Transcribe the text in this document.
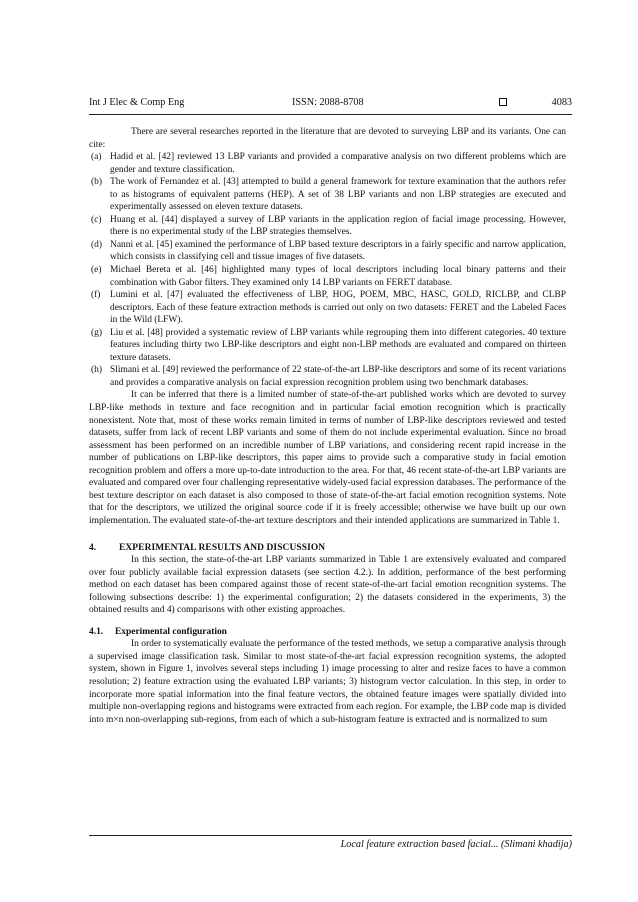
Int J Elec & Comp Eng	ISSN: 2088-8708	4083

There are several researches reported in the literature that are devoted to surveying LBP and its variants. One can cite:

(a) Hadid et al. [42] reviewed 13 LBP variants and provided a comparative analysis on two different problems which are gender and texture classification.
(b) The work of Fernandez et al. [43] attempted to build a general framework for texture examination that the authors refer to as histograms of equivalent patterns (HEP). A set of 38 LBP variants and non LBP strategies are executed and experimentally assessed on eleven texture datasets.
(c) Huang et al. [44] displayed a survey of LBP variants in the application region of facial image processing. However, there is no experimental study of the LBP strategies themselves.
(d) Nanni et al. [45] examined the performance of LBP based texture descriptors in a fairly specific and narrow application, which consists in classifying cell and tissue images of five datasets.
(e) Michael Bereta et al. [46] highlighted many types of local descriptors including local binary patterns and their combination with Gabor filters. They examined only 14 LBP variants on FERET database.
(f) Lumini et al. [47] evaluated the effectiveness of LBP, HOG, POEM, MBC, HASC, GOLD, RICLBP, and CLBP descriptors. Each of these feature extraction methods is carried out only on two datasets: FERET and the Labeled Faces in the Wild (LFW).
(g) Liu et al. [48] provided a systematic review of LBP variants while regrouping them into different categories. 40 texture features including thirty two LBP-like descriptors and eight non-LBP methods are evaluated and compared on thirteen texture datasets.
(h) Slimani et al. [49] reviewed the performance of 22 state-of-the-art LBP-like descriptors and some of its recent variations and provides a comparative analysis on facial expression recognition problem using two benchmark databases.

It can be inferred that there is a limited number of state-of-the-art published works which are devoted to survey LBP-like methods in texture and face recognition and in particular facial emotion recognition which is practically nonexistent. Note that, most of these works remain limited in terms of number of LBP-like descriptors reviewed and tested datasets, suffer from lack of recent LBP variants and some of them do not include experimental evaluation. Since no broad assessment has been performed on an incredible number of LBP variations, and considering recent rapid increase in the number of publications on LBP-like descriptors, this paper aims to provide such a comparative study in facial emotion recognition problem and offers a more up-to-date introduction to the area. For that, 46 recent state-of-the-art LBP variants are evaluated and compared over four challenging representative widely-used facial expression databases. The performance of the best texture descriptor on each dataset is also composed to those of state-of-the-art facial emotion recognition systems. Note that for the descriptors, we utilized the original source code if it is freely accessible; otherwise we have built up our own implementation. The evaluated state-of-the-art texture descriptors and their intended applications are summarized in Table 1.

4. EXPERIMENTAL RESULTS AND DISCUSSION

In this section, the state-of-the-art LBP variants summarized in Table 1 are extensively evaluated and compared over four publicly available facial expression datasets (see section 4.2.). In addition, performance of the best performing method on each dataset has been compared against those of recent state-of-the-art facial emotion recognition systems. The following subsections describe: 1) the experimental configuration; 2) the datasets considered in the experiments, 3) the obtained results and 4) comparisons with other existing approaches.

4.1. Experimental configuration

In order to systematically evaluate the performance of the tested methods, we setup a comparative analysis through a supervised image classification task. Similar to most state-of-the-art facial expression recognition systems, the adopted system, shown in Figure 1, involves several steps including 1) image processing to alter and resize faces to have a common resolution; 2) feature extraction using the evaluated LBP variants; 3) histogram vector calculation. In this step, in order to incorporate more spatial information into the final feature vectors, the obtained feature images were spatially divided into multiple non-overlapping regions and histograms were extracted from each region. For example, the LBP code map is divided into m×n non-overlapping sub-regions, from each of which a sub-histogram feature is extracted and is normalized to sum

Local feature extraction based facial... (Slimani khadija)
